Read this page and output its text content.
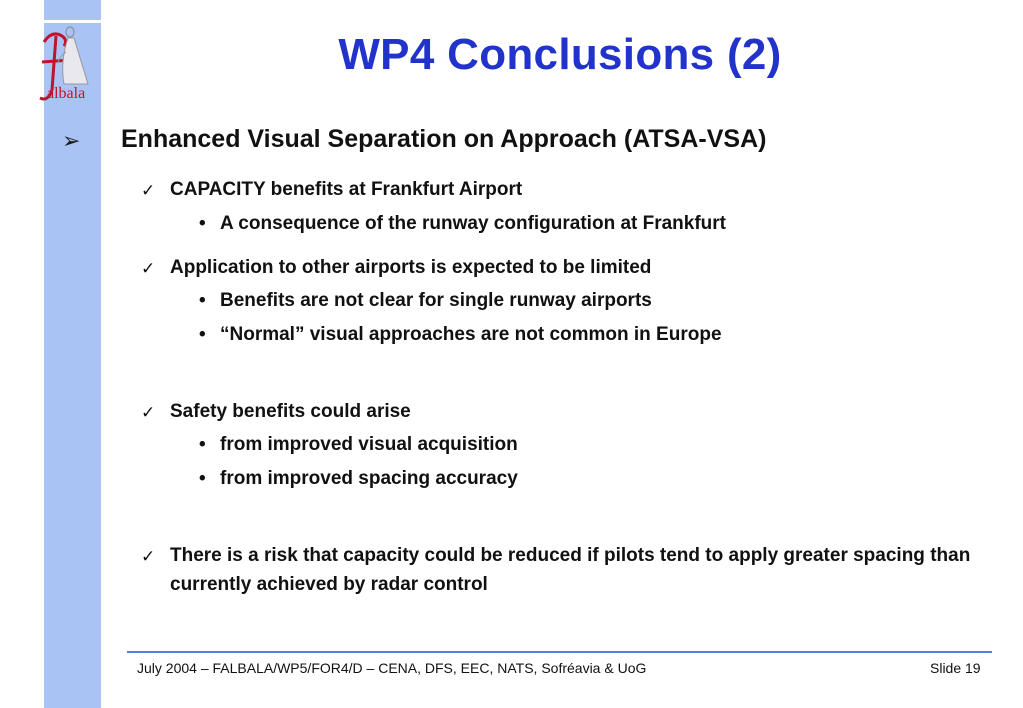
albala
WP4 Conclusions (2)
➢ Enhanced Visual Separation on Approach (ATSA-VSA)
✓ CAPACITY benefits at Frankfurt Airport
• A consequence of the runway configuration at Frankfurt
✓ Application to other airports is expected to be limited
• Benefits are not clear for single runway airports
• “Normal” visual approaches are not common in Europe
✓ Safety benefits could arise
• from improved visual acquisition
• from improved spacing accuracy
✓ There is a risk that capacity could be reduced if pilots tend to apply greater spacing than currently achieved by radar control
July 2004 – FALBALA/WP5/FOR4/D – CENA, DFS, EEC, NATS, Sofréavia & UoG	Slide 19
